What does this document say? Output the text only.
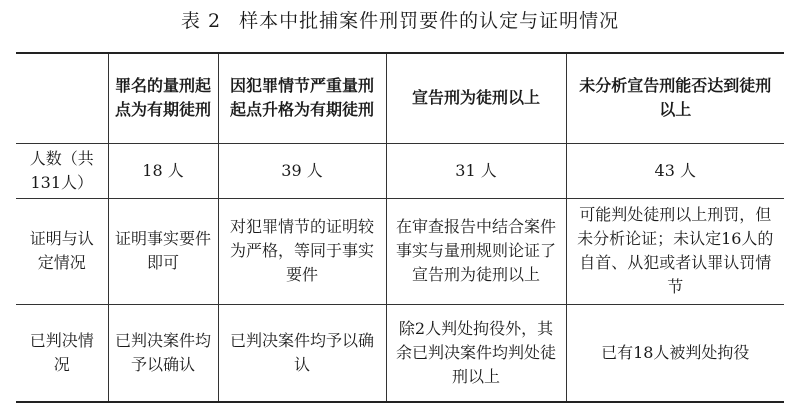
表 2 样本中批捕案件刑罚要件的认定与证明情况
	罪名的量刑起点为有期徒刑	因犯罪情节严重量刑起点升格为有期徒刑	宣告刑为徒刑以上	未分析宣告刑能否达到徒刑以上
人数（共131人）	18 人	39 人	31 人	43 人
证明与认定情况	证明事实要件即可	对犯罪情节的证明较为严格，等同于事实要件	在审查报告中结合案件事实与量刑规则论证了宣告刑为徒刑以上	可能判处徒刑以上刑罚，但未分析论证；未认定16人的自首、从犯或者认罪认罚情节
已判决情况	已判决案件均予以确认	已判决案件均予以确认	除2人判处拘役外，其余已判决案件均判处徒刑以上	已有18人被判处拘役
